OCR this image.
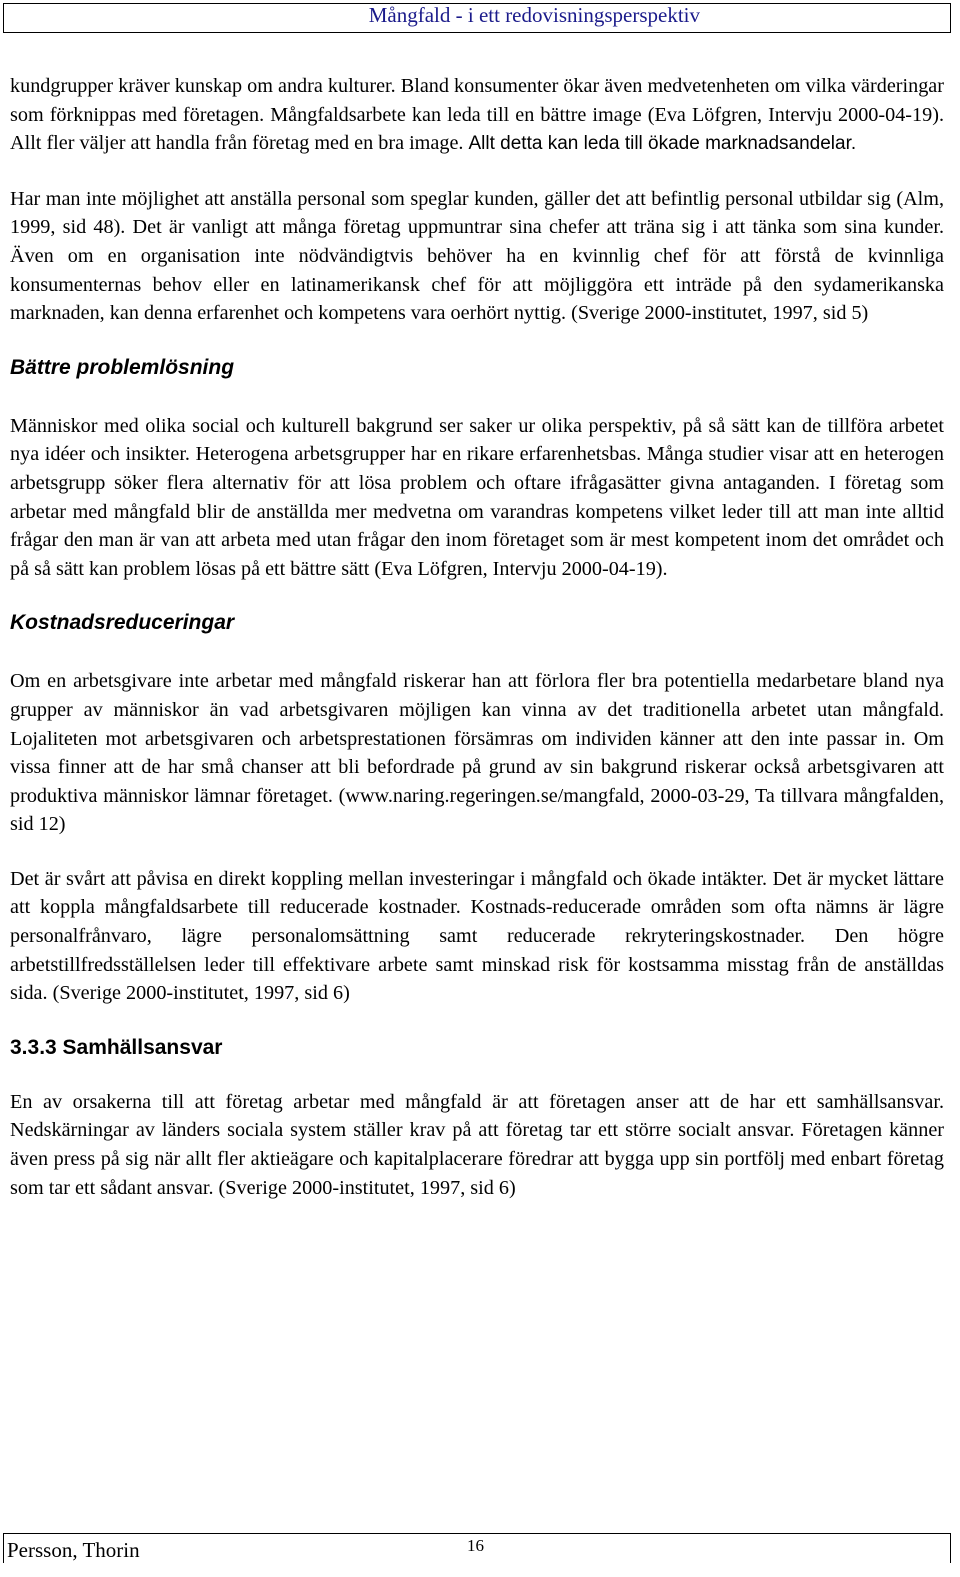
Mångfald - i ett redovisningsperspektiv

kundgrupper kräver kunskap om andra kulturer. Bland konsumenter ökar även medvetenheten om vilka värderingar som förknippas med företagen. Mångfaldsarbete kan leda till en bättre image (Eva Löfgren, Intervju 2000-04-19). Allt fler väljer att handla från företag med en bra image. Allt detta kan leda till ökade marknadsandelar.

Har man inte möjlighet att anställa personal som speglar kunden, gäller det att befintlig personal utbildar sig (Alm, 1999, sid 48). Det är vanligt att många företag uppmuntrar sina chefer att träna sig i att tänka som sina kunder. Även om en organisation inte nödvändigtvis behöver ha en kvinnlig chef för att förstå de kvinnliga konsumenternas behov eller en latinamerikansk chef för att möjliggöra ett inträde på den sydamerikanska marknaden, kan denna erfarenhet och kompetens vara oerhört nyttig. (Sverige 2000-institutet, 1997, sid 5)

Bättre problemlösning

Människor med olika social och kulturell bakgrund ser saker ur olika perspektiv, på så sätt kan de tillföra arbetet nya idéer och insikter. Heterogena arbetsgrupper har en rikare erfarenhetsbas. Många studier visar att en heterogen arbetsgrupp söker flera alternativ för att lösa problem och oftare ifrågasätter givna antaganden. I företag som arbetar med mångfald blir de anställda mer medvetna om varandras kompetens vilket leder till att man inte alltid frågar den man är van att arbeta med utan frågar den inom företaget som är mest kompetent inom det området och på så sätt kan problem lösas på ett bättre sätt (Eva Löfgren, Intervju 2000-04-19).

Kostnadsreduceringar

Om en arbetsgivare inte arbetar med mångfald riskerar han att förlora fler bra potentiella medarbetare bland nya grupper av människor än vad arbetsgivaren möjligen kan vinna av det traditionella arbetet utan mångfald. Lojaliteten mot arbetsgivaren och arbetsprestationen försämras om individen känner att den inte passar in. Om vissa finner att de har små chanser att bli befordrade på grund av sin bakgrund riskerar också arbetsgivaren att produktiva människor lämnar företaget. (www.naring.regeringen.se/mangfald, 2000-03-29, Ta tillvara mångfalden, sid 12)

Det är svårt att påvisa en direkt koppling mellan investeringar i mångfald och ökade intäkter. Det är mycket lättare att koppla mångfaldsarbete till reducerade kostnader. Kostnads-reducerade områden som ofta nämns är lägre personalfrånvaro, lägre personalomsättning samt reducerade rekryteringskostnader. Den högre arbetstillfredsställelsen leder till effektivare arbete samt minskad risk för kostsamma misstag från de anställdas sida. (Sverige 2000-institutet, 1997, sid 6)

3.3.3 Samhällsansvar

En av orsakerna till att företag arbetar med mångfald är att företagen anser att de har ett samhällsansvar. Nedskärningar av länders sociala system ställer krav på att företag tar ett större socialt ansvar. Företagen känner även press på sig när allt fler aktieägare och kapitalplacerare föredrar att bygga upp sin portfölj med enbart företag som tar ett sådant ansvar. (Sverige 2000-institutet, 1997, sid 6)

Persson, Thorin	16
